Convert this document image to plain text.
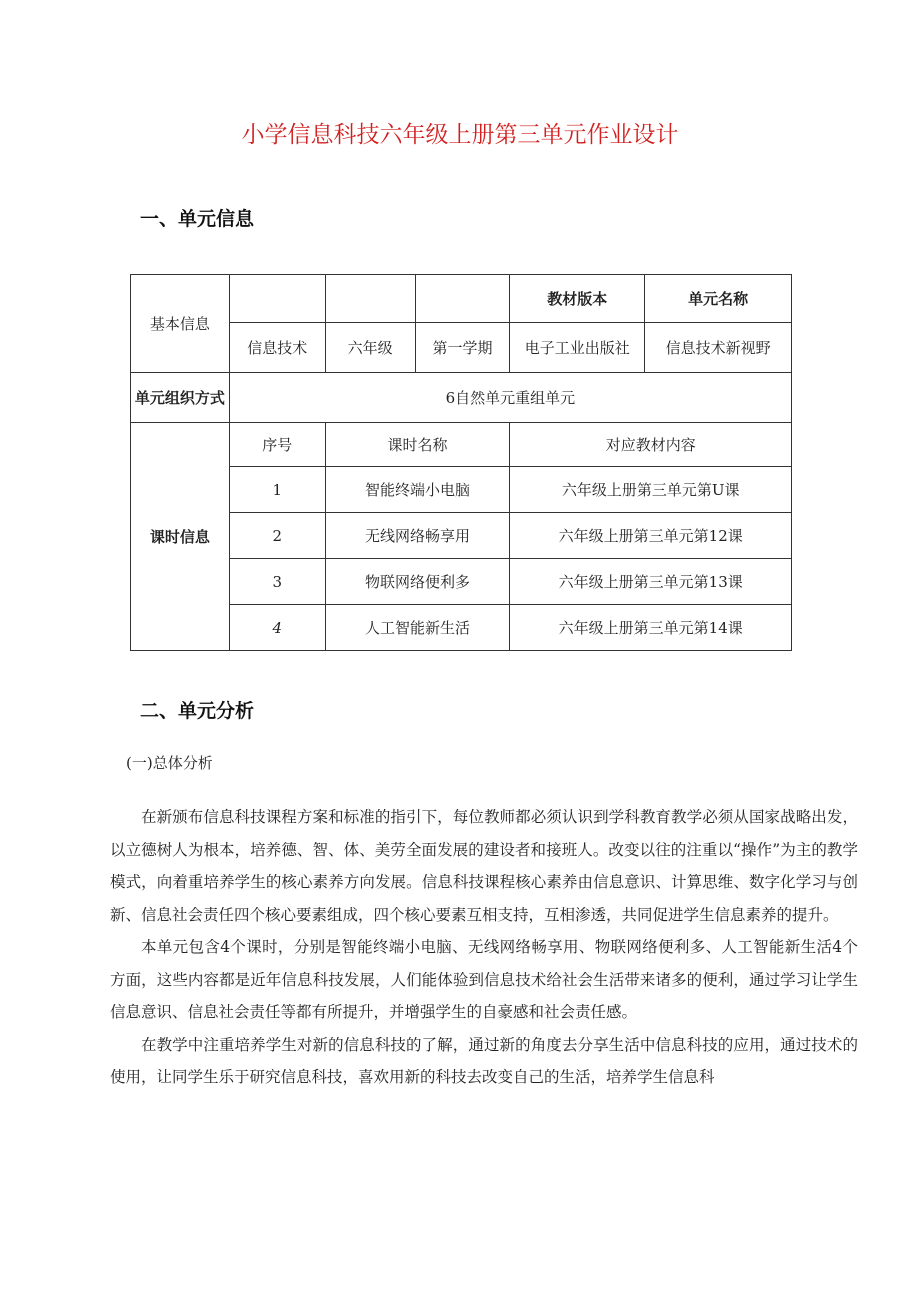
小学信息科技六年级上册第三单元作业设计
一、单元信息
基本信息				教材版本	单元名称
	信息技术	六年级	第一学期	电子工业出版社	信息技术新视野
单元组织方式	6自然单元重组单元				
课时信息	序号	课时名称		对应教材内容	
	1	智能终端小电脑		六年级上册第三单元第U课	
	2	无线网络畅享用		六年级上册第三单元第12课	
	3	物联网络便利多		六年级上册第三单元第13课	
	4	人工智能新生活		六年级上册第三单元第14课	
二、单元分析
(一)总体分析

在新颁布信息科技课程方案和标准的指引下，每位教师都必须认识到学科教育教学必须从国家战略出发，以立德树人为根本，培养德、智、体、美劳全面发展的建设者和接班人。改变以往的注重以“操作”为主的教学模式，向着重培养学生的核心素养方向发展。信息科技课程核心素养由信息意识、计算思维、数字化学习与创新、信息社会责任四个核心要素组成，四个核心要素互相支持，互相渗透，共同促进学生信息素养的提升。

本单元包含4个课时，分别是智能终端小电脑、无线网络畅享用、物联网络便利多、人工智能新生活4个方面，这些内容都是近年信息科技发展，人们能体验到信息技术给社会生活带来诸多的便利，通过学习让学生信息意识、信息社会责任等都有所提升，并增强学生的自豪感和社会责任感。

在教学中注重培养学生对新的信息科技的了解，通过新的角度去分享生活中信息科技的应用，通过技术的使用，让同学生乐于研究信息科技，喜欢用新的科技去改变自己的生活，培养学生信息科
